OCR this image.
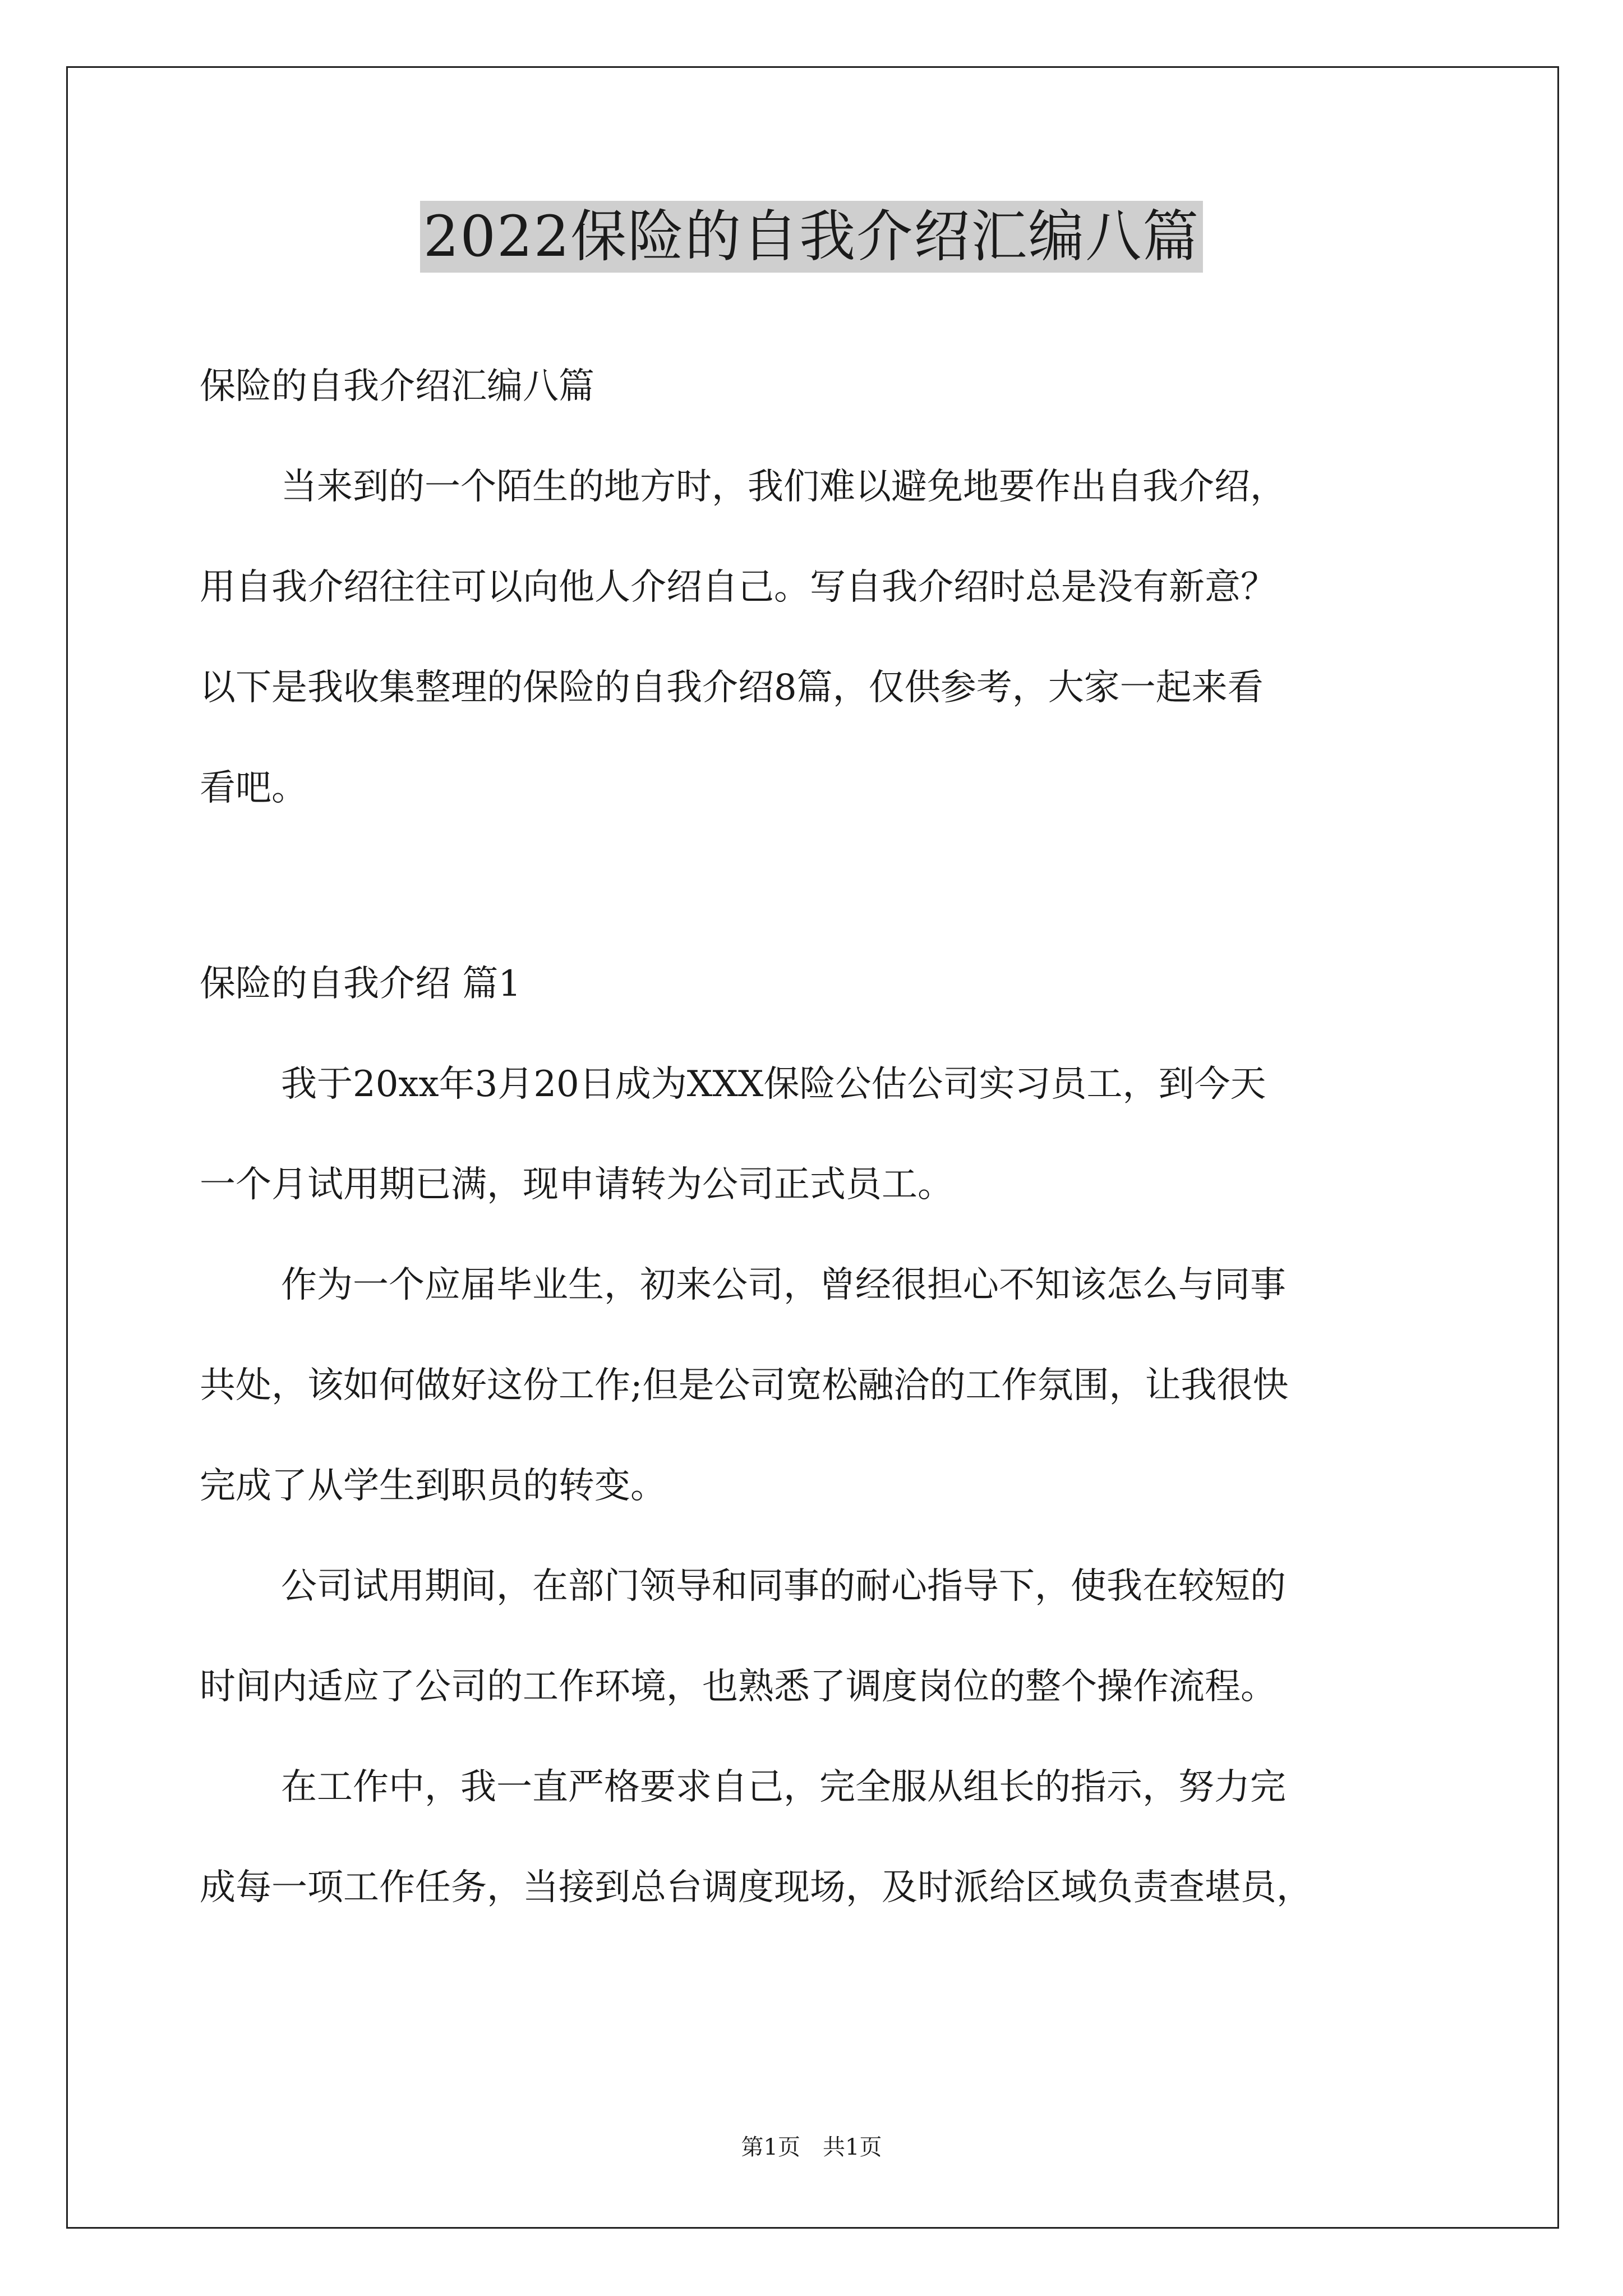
2022保险的自我介绍汇编八篇

保险的自我介绍汇编八篇

当来到的一个陌生的地方时，我们难以避免地要作出自我介绍，

用自我介绍往往可以向他人介绍自己。写自我介绍时总是没有新意？

以下是我收集整理的保险的自我介绍8篇，仅供参考，大家一起来看

看吧。

保险的自我介绍 篇1

我于20xx年3月20日成为XXX保险公估公司实习员工，到今天

一个月试用期已满，现申请转为公司正式员工。

作为一个应届毕业生，初来公司，曾经很担心不知该怎么与同事

共处，该如何做好这份工作;但是公司宽松融洽的工作氛围，让我很快

完成了从学生到职员的转变。

公司试用期间，在部门领导和同事的耐心指导下，使我在较短的

时间内适应了公司的工作环境，也熟悉了调度岗位的整个操作流程。

在工作中，我一直严格要求自己，完全服从组长的指示，努力完

成每一项工作任务，当接到总台调度现场，及时派给区域负责查堪员，

第1页　共1页
